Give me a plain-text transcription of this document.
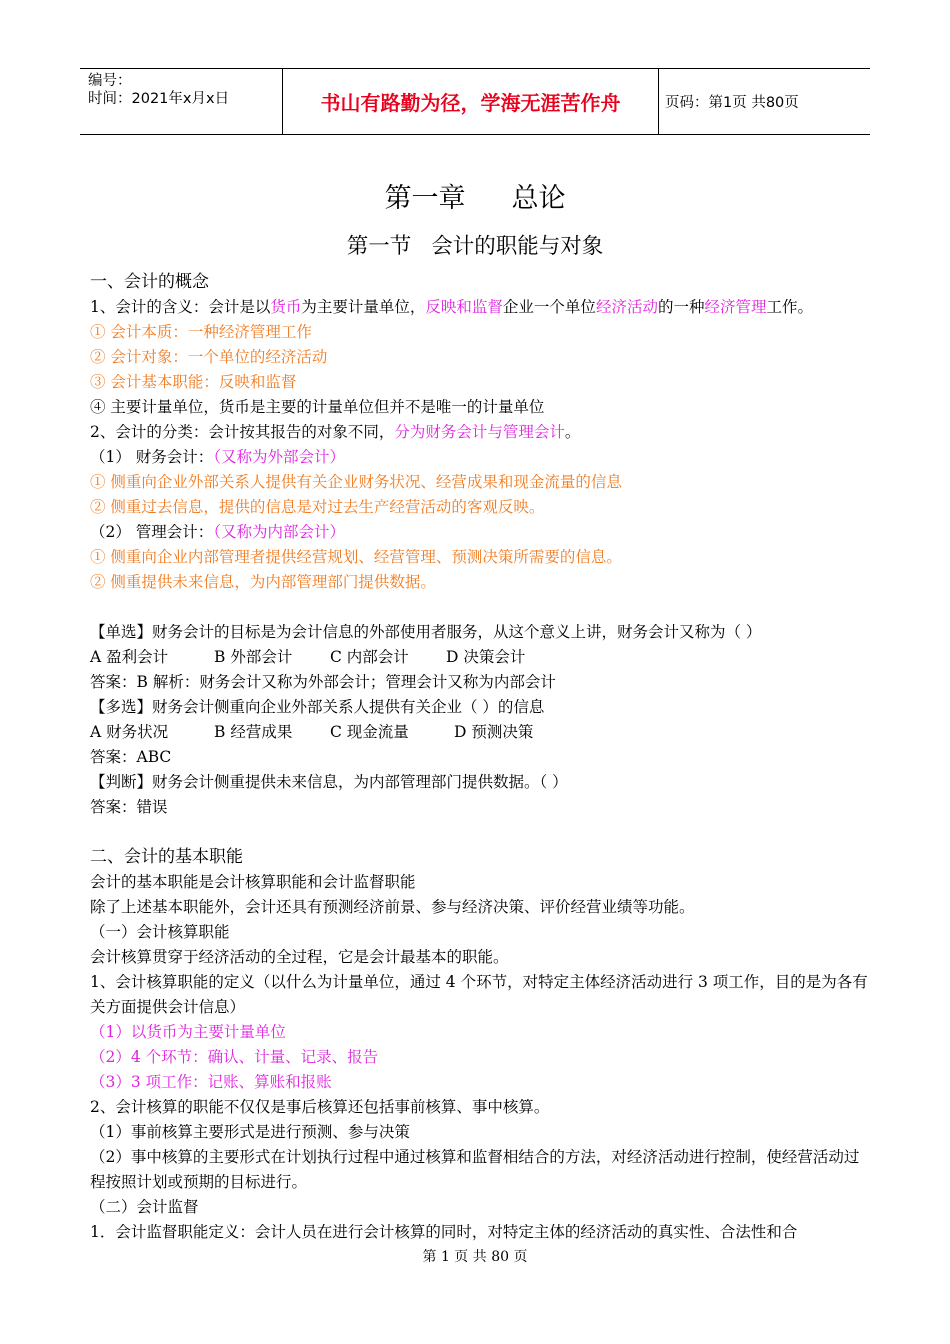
编号：
时间：2021年x月x日	书山有路勤为径，学海无涯苦作舟	页码：第1页 共80页
第一章 总论
第一节 会计的职能与对象
一、会计的概念
1、会计的含义：会计是以货币为主要计量单位，反映和监督企业一个单位经济活动的一种经济管理工作。
① 会计本质：一种经济管理工作
② 会计对象：一个单位的经济活动
③ 会计基本职能：反映和监督
④ 主要计量单位，货币是主要的计量单位但并不是唯一的计量单位
2、会计的分类：会计按其报告的对象不同，分为财务会计与管理会计。
（1） 财务会计：（又称为外部会计）
① 侧重向企业外部关系人提供有关企业财务状况、经营成果和现金流量的信息
② 侧重过去信息，提供的信息是对过去生产经营活动的客观反映。
（2） 管理会计：（又称为内部会计）
① 侧重向企业内部管理者提供经营规划、经营管理、预测决策所需要的信息。
② 侧重提供未来信息，为内部管理部门提供数据。
【单选】财务会计的目标是为会计信息的外部使用者服务，从这个意义上讲，财务会计又称为（ ）
A 盈利会计	B 外部会计 C 内部会计 D 决策会计
答案：B 解析：财务会计又称为外部会计；管理会计又称为内部会计
【多选】财务会计侧重向企业外部关系人提供有关企业（ ）的信息
A 财务状况	B 经营成果 C 现金流量	D 预测决策
答案：ABC
【判断】财务会计侧重提供未来信息，为内部管理部门提供数据。（ ）
答案：错误
二、会计的基本职能
会计的基本职能是会计核算职能和会计监督职能
除了上述基本职能外，会计还具有预测经济前景、参与经济决策、评价经营业绩等功能。
（一）会计核算职能
会计核算贯穿于经济活动的全过程，它是会计最基本的职能。
1、会计核算职能的定义（以什么为计量单位，通过 4 个环节，对特定主体经济活动进行 3 项工作，目的是为各有关方面提供会计信息）
（1）以货币为主要计量单位
（2）4 个环节：确认、计量、记录、报告
（3）3 项工作：记账、算账和报账
2、会计核算的职能不仅仅是事后核算还包括事前核算、事中核算。
（1）事前核算主要形式是进行预测、参与决策
（2）事中核算的主要形式在计划执行过程中通过核算和监督相结合的方法，对经济活动进行控制，使经营活动过程按照计划或预期的目标进行。
（二）会计监督
1．会计监督职能定义：会计人员在进行会计核算的同时，对特定主体的经济活动的真实性、合法性和合
第 1 页 共 80 页
